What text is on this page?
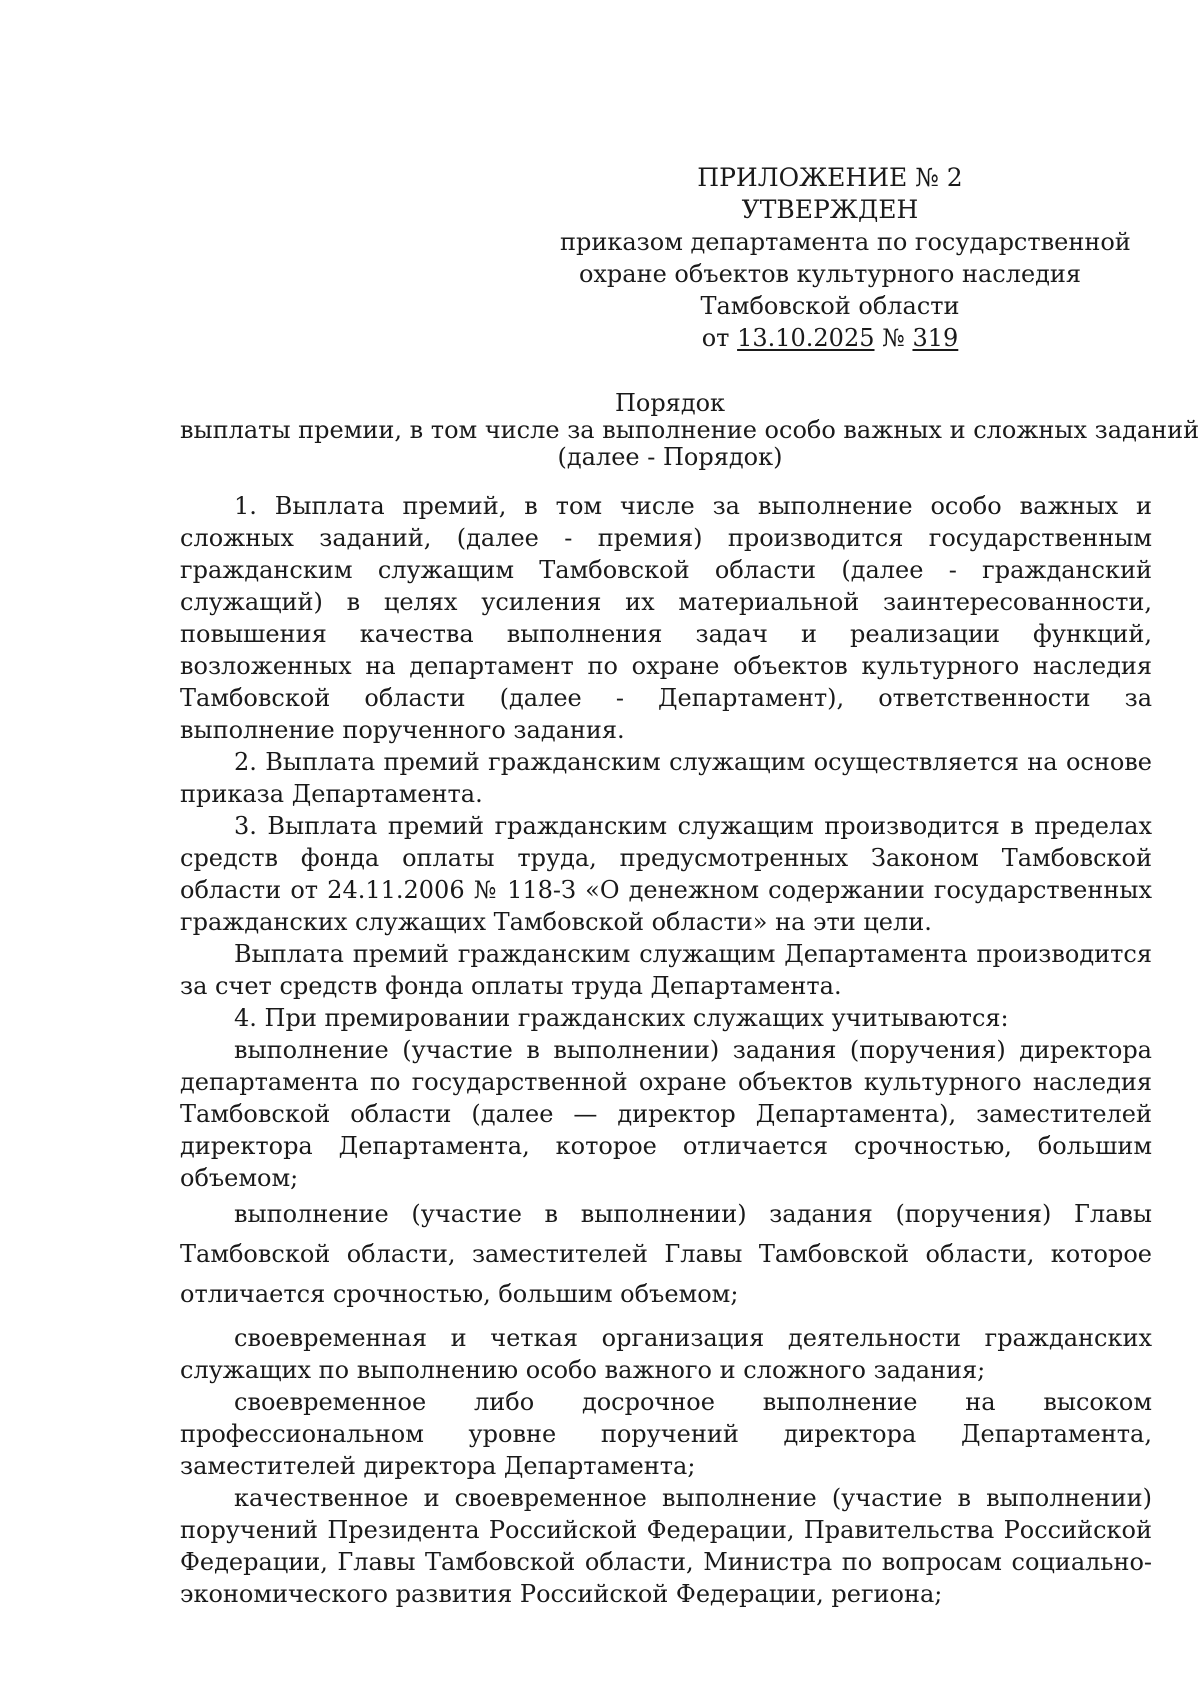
ПРИЛОЖЕНИЕ № 2
УТВЕРЖДЕН
приказом департамента по государственной
охране объектов культурного наследия
Тамбовской области
от 13.10.2025 № 319
Порядок
выплаты премии, в том числе за выполнение особо важных и сложных заданий
(далее - Порядок)

1. Выплата премий, в том числе за выполнение особо важных и сложных заданий, (далее - премия) производится государственным гражданским служащим Тамбовской области (далее - гражданский служащий) в целях усиления их материальной заинтересованности, повышения качества выполнения задач и реализации функций, возложенных на департамент по охране объектов культурного наследия Тамбовской области (далее - Департамент), ответственности за выполнение порученного задания.

2. Выплата премий гражданским служащим осуществляется на основе приказа Департамента.

3. Выплата премий гражданским служащим производится в пределах средств фонда оплаты труда, предусмотренных Законом Тамбовской области от 24.11.2006 № 118-З «О денежном содержании государственных гражданских служащих Тамбовской области» на эти цели.

Выплата премий гражданским служащим Департамента производится за счет средств фонда оплаты труда Департамента.

4. При премировании гражданских служащих учитываются:

выполнение (участие в выполнении) задания (поручения) директора департамента по государственной охране объектов культурного наследия Тамбовской области (далее — директор Департамента), заместителей директора Департамента, которое отличается срочностью, большим объемом;

выполнение (участие в выполнении) задания (поручения) Главы Тамбовской области, заместителей Главы Тамбовской области, которое отличается срочностью, большим объемом;

своевременная и четкая организация деятельности гражданских служащих по выполнению особо важного и сложного задания;

своевременное либо досрочное выполнение на высоком профессиональном уровне поручений директора Департамента, заместителей директора Департамента;

качественное и своевременное выполнение (участие в выполнении) поручений Президента Российской Федерации, Правительства Российской Федерации, Главы Тамбовской области, Министра по вопросам социально-экономического развития Российской Федерации, региона;
